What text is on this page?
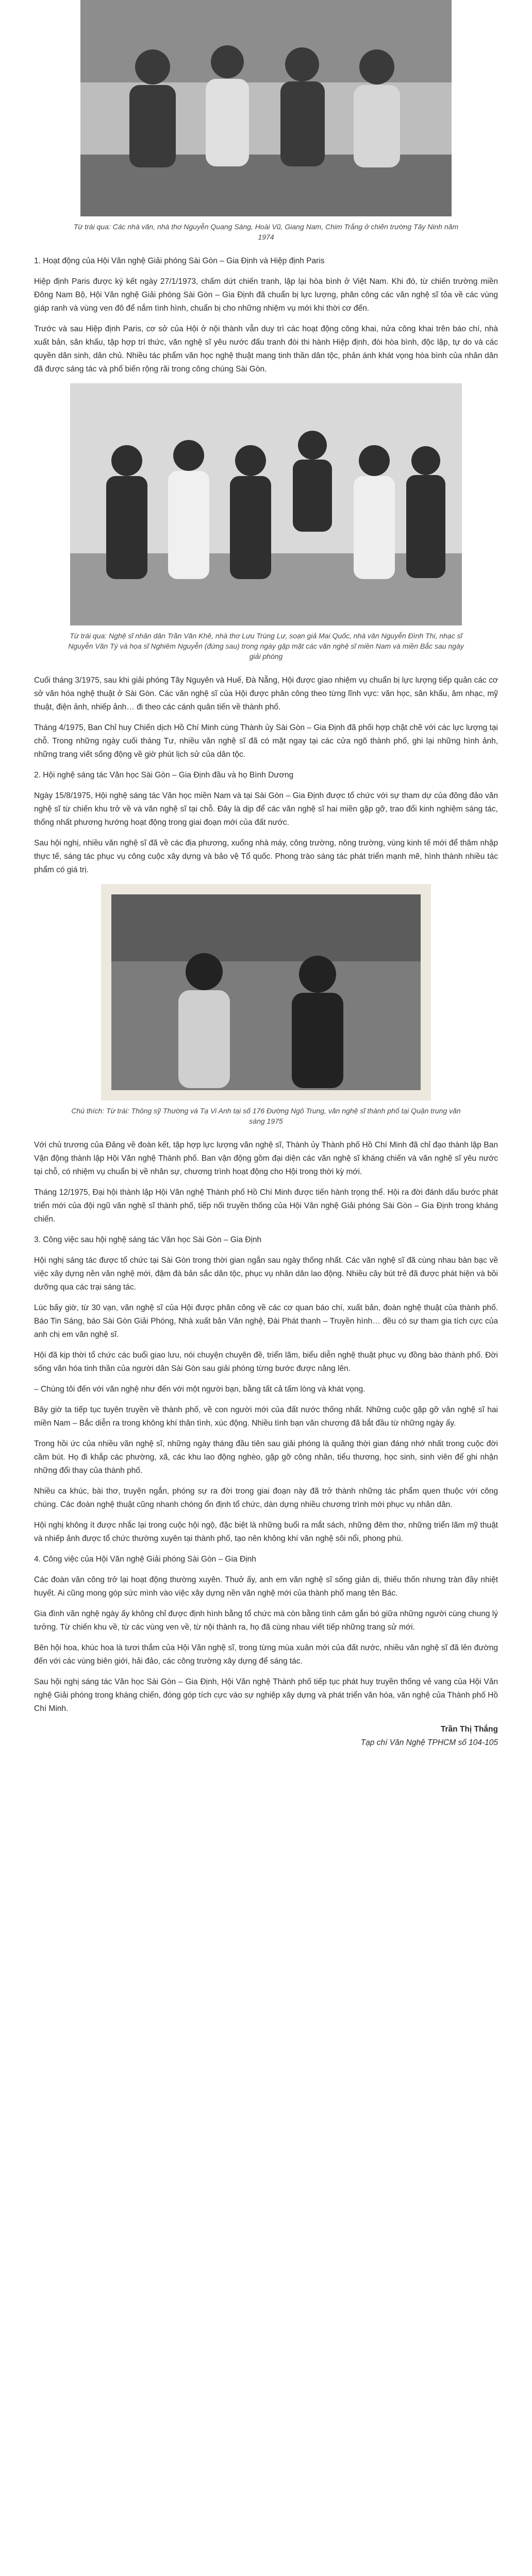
Từ trái qua: Các nhà văn, nhà thơ Nguyễn Quang Sáng, Hoài Vũ, Giang Nam, Chim Trắng ở chiến trường Tây Ninh năm 1974

1. Hoạt động của Hội Văn nghệ Giải phóng Sài Gòn – Gia Định và Hiệp định Paris

Hiệp định Paris được ký kết ngày 27/1/1973, chấm dứt chiến tranh, lập lại hòa bình ở Việt Nam. Khi đó, từ chiến trường miền Đông Nam Bộ, Hội Văn nghệ Giải phóng Sài Gòn – Gia Định đã chuẩn bị lực lượng, phân công các văn nghệ sĩ tỏa về các vùng giáp ranh và vùng ven đô để nắm tình hình, chuẩn bị cho những nhiệm vụ mới khi thời cơ đến.

Trước và sau Hiệp định Paris, cơ sở của Hội ở nội thành vẫn duy trì các hoạt động công khai, nửa công khai trên báo chí, nhà xuất bản, sân khấu, tập hợp trí thức, văn nghệ sĩ yêu nước đấu tranh đòi thi hành Hiệp định, đòi hòa bình, độc lập, tự do và các quyền dân sinh, dân chủ. Nhiều tác phẩm văn học nghệ thuật mang tinh thần dân tộc, phản ánh khát vọng hòa bình của nhân dân đã được sáng tác và phổ biến rộng rãi trong công chúng Sài Gòn.

Từ trái qua: Nghệ sĩ nhân dân Trần Văn Khê, nhà thơ Lưu Trùng Lư, soạn giả Mai Quốc, nhà văn Nguyễn Đình Thi, nhạc sĩ Nguyễn Văn Tý và họa sĩ Nghiêm Nguyễn (đứng sau) trong ngày gặp mặt các văn nghệ sĩ miền Nam và miền Bắc sau ngày giải phóng

Cuối tháng 3/1975, sau khi giải phóng Tây Nguyên và Huế, Đà Nẵng, Hội được giao nhiệm vụ chuẩn bị lực lượng tiếp quản các cơ sở văn hóa nghệ thuật ở Sài Gòn. Các văn nghệ sĩ của Hội được phân công theo từng lĩnh vực: văn học, sân khấu, âm nhạc, mỹ thuật, điện ảnh, nhiếp ảnh… đi theo các cánh quân tiến về thành phố.

Tháng 4/1975, Ban Chỉ huy Chiến dịch Hồ Chí Minh cùng Thành ủy Sài Gòn – Gia Định đã phối hợp chặt chẽ với các lực lượng tại chỗ. Trong những ngày cuối tháng Tư, nhiều văn nghệ sĩ đã có mặt ngay tại các cửa ngõ thành phố, ghi lại những hình ảnh, những trang viết sống động về giờ phút lịch sử của dân tộc.

2. Hội nghệ sáng tác Văn học Sài Gòn – Gia Định đầu và họ Bình Dương

Ngày 15/8/1975, Hội nghệ sáng tác Văn học miền Nam và tại Sài Gòn – Gia Định được tổ chức với sự tham dự của đông đảo văn nghệ sĩ từ chiến khu trở về và văn nghệ sĩ tại chỗ. Đây là dịp để các văn nghệ sĩ hai miền gặp gỡ, trao đổi kinh nghiệm sáng tác, thống nhất phương hướng hoạt động trong giai đoạn mới của đất nước.

Sau hội nghị, nhiều văn nghệ sĩ đã về các địa phương, xuống nhà máy, công trường, nông trường, vùng kinh tế mới để thâm nhập thực tế, sáng tác phục vụ công cuộc xây dựng và bảo vệ Tổ quốc. Phong trào sáng tác phát triển mạnh mẽ, hình thành nhiều tác phẩm có giá trị.

Chú thích: Từ trái: Thông sỹ Thường và Tạ Vi Anh tại số 176 Đường Ngô Trung, văn nghệ sĩ thành phố tại Quận trung văn sáng 1975

Với chủ trương của Đảng về đoàn kết, tập hợp lực lượng văn nghệ sĩ, Thành ủy Thành phố Hồ Chí Minh đã chỉ đạo thành lập Ban Vận động thành lập Hội Văn nghệ Thành phố. Ban vận động gồm đại diện các văn nghệ sĩ kháng chiến và văn nghệ sĩ yêu nước tại chỗ, có nhiệm vụ chuẩn bị về nhân sự, chương trình hoạt động cho Hội trong thời kỳ mới.

Tháng 12/1975, Đại hội thành lập Hội Văn nghệ Thành phố Hồ Chí Minh được tiến hành trọng thể. Hội ra đời đánh dấu bước phát triển mới của đội ngũ văn nghệ sĩ thành phố, tiếp nối truyền thống của Hội Văn nghệ Giải phóng Sài Gòn – Gia Định trong kháng chiến.

3. Công việc sau hội nghệ sáng tác Văn học Sài Gòn – Gia Định

Hội nghị sáng tác được tổ chức tại Sài Gòn trong thời gian ngắn sau ngày thống nhất. Các văn nghệ sĩ đã cùng nhau bàn bạc về việc xây dựng nền văn nghệ mới, đậm đà bản sắc dân tộc, phục vụ nhân dân lao động. Nhiều cây bút trẻ đã được phát hiện và bồi dưỡng qua các trại sáng tác.

Lúc bấy giờ, từ 30 vạn, văn nghệ sĩ của Hội được phân công về các cơ quan báo chí, xuất bản, đoàn nghệ thuật của thành phố. Báo Tin Sáng, báo Sài Gòn Giải Phóng, Nhà xuất bản Văn nghệ, Đài Phát thanh – Truyền hình… đều có sự tham gia tích cực của anh chị em văn nghệ sĩ.

Hội đã kịp thời tổ chức các buổi giao lưu, nói chuyện chuyên đề, triển lãm, biểu diễn nghệ thuật phục vụ đồng bào thành phố. Đời sống văn hóa tinh thần của người dân Sài Gòn sau giải phóng từng bước được nâng lên.

– Chúng tôi đến với văn nghệ như đến với một người bạn, bằng tất cả tấm lòng và khát vọng.

Bây giờ ta tiếp tục tuyên truyền về thành phố, về con người mới của đất nước thống nhất. Những cuộc gặp gỡ văn nghệ sĩ hai miền Nam – Bắc diễn ra trong không khí thân tình, xúc động. Nhiều tình bạn văn chương đã bắt đầu từ những ngày ấy.

Trong hồi ức của nhiều văn nghệ sĩ, những ngày tháng đầu tiên sau giải phóng là quãng thời gian đáng nhớ nhất trong cuộc đời cầm bút. Họ đi khắp các phường, xã, các khu lao động nghèo, gặp gỡ công nhân, tiểu thương, học sinh, sinh viên để ghi nhận những đổi thay của thành phố.

Nhiều ca khúc, bài thơ, truyện ngắn, phóng sự ra đời trong giai đoạn này đã trở thành những tác phẩm quen thuộc với công chúng. Các đoàn nghệ thuật cũng nhanh chóng ổn định tổ chức, dàn dựng nhiều chương trình mới phục vụ nhân dân.

Hội nghị không ít được nhắc lại trong cuộc hội ngộ, đặc biệt là những buổi ra mắt sách, những đêm thơ, những triển lãm mỹ thuật và nhiếp ảnh được tổ chức thường xuyên tại thành phố, tạo nên không khí văn nghệ sôi nổi, phong phú.

4. Công việc của Hội Văn nghệ Giải phóng Sài Gòn – Gia Định

Các đoàn văn công trở lại hoạt động thường xuyên. Thuở ấy, anh em văn nghệ sĩ sống giản dị, thiếu thốn nhưng tràn đầy nhiệt huyết. Ai cũng mong góp sức mình vào việc xây dựng nền văn nghệ mới của thành phố mang tên Bác.

Gia đình văn nghệ ngày ấy không chỉ được định hình bằng tổ chức mà còn bằng tình cảm gắn bó giữa những người cùng chung lý tưởng. Từ chiến khu về, từ các vùng ven về, từ nội thành ra, họ đã cùng nhau viết tiếp những trang sử mới.

Bên hội hoa, khúc hoa là tươi thắm của Hội Văn nghệ sĩ, trong từng mùa xuân mới của đất nước, nhiều văn nghệ sĩ đã lên đường đến với các vùng biên giới, hải đảo, các công trường xây dựng để sáng tác.

Sau hội nghị sáng tác Văn học Sài Gòn – Gia Định, Hội Văn nghệ Thành phố tiếp tục phát huy truyền thống vẻ vang của Hội Văn nghệ Giải phóng trong kháng chiến, đóng góp tích cực vào sự nghiệp xây dựng và phát triển văn hóa, văn nghệ của Thành phố Hồ Chí Minh.

Trần Thị Thắng

Tạp chí Văn Nghệ TPHCM số 104-105
